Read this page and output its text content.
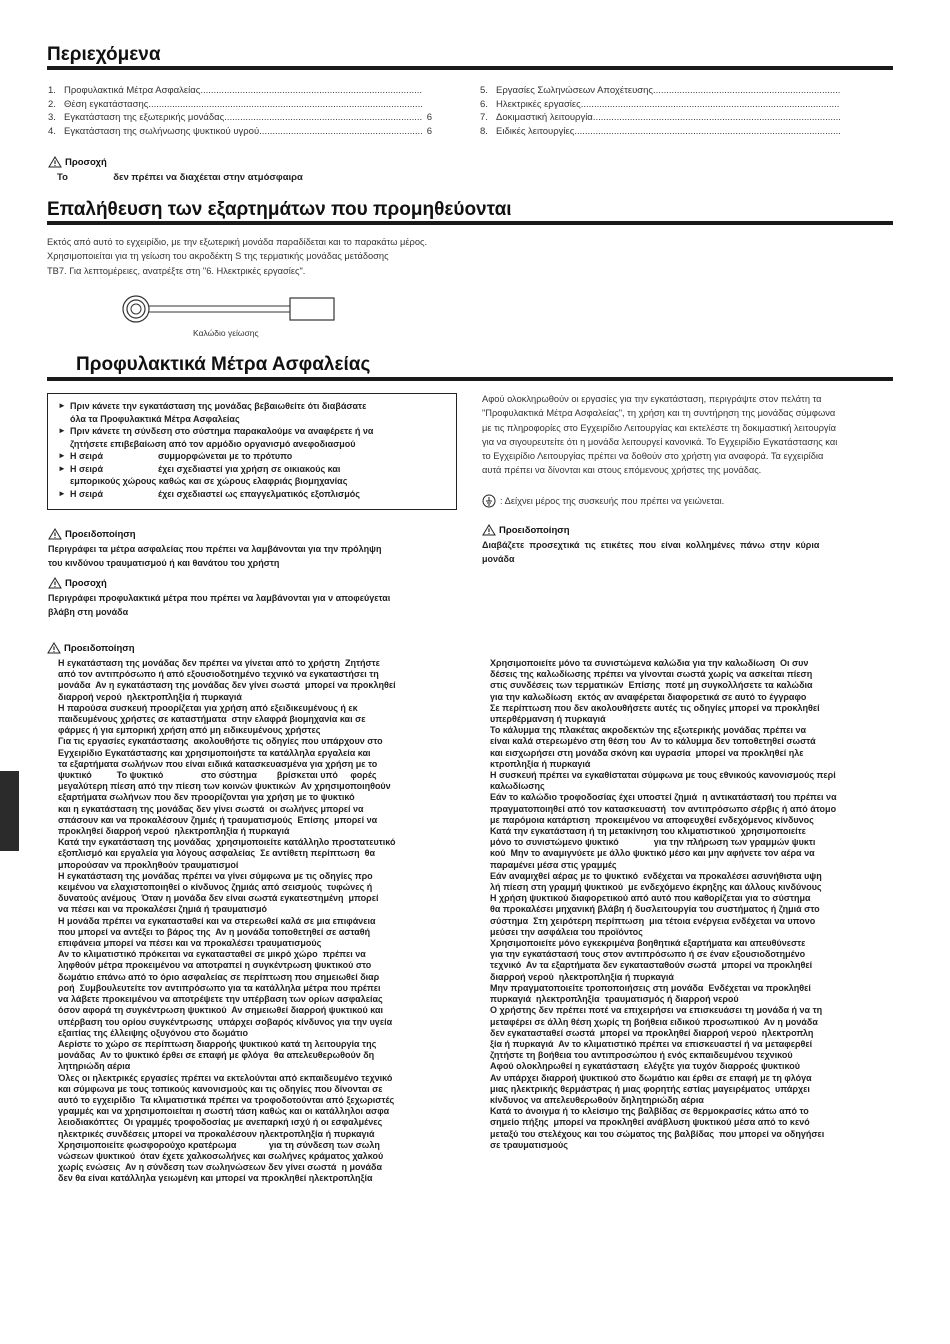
Περιεχόμενα
1. Προφυλακτικά Μέτρα Ασφαλείας
.....
2. Θέση εγκατάστασης
.....
3. Εγκατάσταση της εξωτερικής μονάδας .....	6
4. Εγκατάσταση της σωλήνωσης ψυκτικού υγρού .....	6
5. Εργασίες Σωληνώσεων Αποχέτευσης
.....
6. Ηλεκτρικές εργασίες
.....
7. Δοκιμαστική λειτουργία
.....
8. Ειδικές λειτουργίες
.....
Προσοχή
Το	δεν πρέπει να διαχέεται στην ατμόσφαιρα
Επαλήθευση των εξαρτημάτων που προμηθεύονται
Εκτός από αυτό το εγχειρίδιο, με την εξωτερική μονάδα παραδίδεται και το παρακάτω μέρος.
Χρησιμοποιείται για τη γείωση του ακροδέκτη S της τερματικής μονάδας μετάδοσης
TB7. Για λεπτομέρειες, ανατρέξτε στη "6. Ηλεκτρικές εργασίες".
Καλώδιο γείωσης
Προφυλακτικά Μέτρα Ασφαλείας
► Πριν κάνετε την εγκατάσταση της μονάδας βεβαιωθείτε ότι διαβάσατε
όλα τα Προφυλακτικά Μέτρα Ασφαλείας
► Πριν κάνετε τη σύνδεση στο σύστημα παρακαλούμε να αναφέρετε ή να
ζητήσετε επιβεβαίωση από τον αρμόδιο οργανισμό ανεφοδιασμού
► Η σειρά                      συμμορφώνεται με το πρότυπο
► Η σειρά                      έχει σχεδιαστεί για χρήση σε οικιακούς και
εμπορικούς χώρους καθώς και σε χώρους ελαφριάς βιομηχανίας
► Η σειρά                      έχει σχεδιαστεί ως επαγγελματικός εξοπλισμός
Αφού ολοκληρωθούν οι εργασίες για την εγκατάσταση, περιγράψτε στον πελάτη τα
"Προφυλακτικά Μέτρα Ασφαλείας", τη χρήση και τη συντήρηση της μονάδας σύμφωνα
με τις πληροφορίες στο Εγχειρίδιο Λειτουργίας και εκτελέστε τη δοκιμαστική λειτουργία
για να σιγουρευτείτε ότι η μονάδα λειτουργεί κανονικά. Το Εγχειρίδιο Εγκατάστασης και
το Εγχειρίδιο Λειτουργίας πρέπει να δοθούν στο χρήστη για αναφορά. Τα εγχειρίδια
αυτά πρέπει να δίνονται και στους επόμενους χρήστες της μονάδας.
: Δείχνει μέρος της συσκευής που πρέπει να γειώνεται.
Προειδοποίηση
Περιγράφει τα μέτρα ασφαλείας που πρέπει να λαμβάνονται για την πρόληψη
του κινδύνου τραυματισμού ή και θανάτου του χρήστη
Προσοχή
Περιγράφει προφυλακτικά μέτρα που πρέπει να λαμβάνονται για ν αποφεύγεται
βλάβη στη μονάδα
Προειδοποίηση
Διαβάζετε  προσεχτικά  τις  ετικέτες  που  είναι  κολλημένες  πάνω  στην  κύρια
μονάδα
Προειδοποίηση
Η εγκατάσταση της μονάδας δεν πρέπει να γίνεται από το χρήστη  Ζητήστε
από τον αντιπρόσωπο ή από εξουσιοδοτημένο τεχνικό να εγκαταστήσει τη
μονάδα  Αν η εγκατάσταση της μονάδας δεν γίνει σωστά  μπορεί να προκληθεί
διαρροή νερού  ηλεκτροπληξία ή πυρκαγιά
Η παρούσα συσκευή προορίζεται για χρήση από εξειδικευμένους ή εκ
παιδευμένους χρήστες σε καταστήματα  στην ελαφρά βιομηχανία και σε
φάρμες ή για εμπορική χρήση από μη ειδικευμένους χρήστες
Για τις εργασίες εγκατάστασης  ακολουθήστε τις οδηγίες που υπάρχουν στο
Εγχειρίδιο Εγκατάστασης και χρησιμοποιήστε τα κατάλληλα εργαλεία και
τα εξαρτήματα σωλήνων που είναι ειδικά κατασκευασμένα για χρήση με το
ψυκτικό          Το ψυκτικό               στο σύστημα        βρίσκεται υπό     φορές
μεγαλύτερη πίεση από την πίεση των κοινών ψυκτικών  Αν χρησιμοποιηθούν
εξαρτήματα σωλήνων που δεν προορίζονται για χρήση με το ψυκτικό
και η εγκατάσταση της μονάδας δεν γίνει σωστά  οι σωλήνες μπορεί να
σπάσουν και να προκαλέσουν ζημιές ή τραυματισμούς  Επίσης  μπορεί να
προκληθεί διαρροή νερού  ηλεκτροπληξία ή πυρκαγιά
Κατά την εγκατάσταση της μονάδας  χρησιμοποιείτε κατάλληλο προστατευτικό
εξοπλισμό και εργαλεία για λόγους ασφαλείας  Σε αντίθετη περίπτωση  θα
μπορούσαν να προκληθούν τραυματισμοί
Η εγκατάσταση της μονάδας πρέπει να γίνει σύμφωνα με τις οδηγίες προ
κειμένου να ελαχιστοποιηθεί ο κίνδυνος ζημιάς από σεισμούς  τυφώνες ή
δυνατούς ανέμους  Όταν η μονάδα δεν είναι σωστά εγκατεστημένη  μπορεί
να πέσει και να προκαλέσει ζημιά ή τραυματισμό
Η μονάδα πρέπει να εγκατασταθεί και να στερεωθεί καλά σε μια επιφάνεια
που μπορεί να αντέξει το βάρος της  Αν η μονάδα τοποθετηθεί σε ασταθή
επιφάνεια μπορεί να πέσει και να προκαλέσει τραυματισμούς
Αν το κλιματιστικό πρόκειται να εγκατασταθεί σε μικρό χώρο  πρέπει να
ληφθούν μέτρα προκειμένου να αποτραπεί η συγκέντρωση ψυκτικού στο
δωμάτιο επάνω από το όριο ασφαλείας σε περίπτωση που σημειωθεί διαρ
ροή  Συμβουλευτείτε τον αντιπρόσωπο για τα κατάλληλα μέτρα που πρέπει
να λάβετε προκειμένου να αποτρέψετε την υπέρβαση των ορίων ασφαλείας
όσον αφορά τη συγκέντρωση ψυκτικού  Αν σημειωθεί διαρροή ψυκτικού και
υπέρβαση του ορίου συγκέντρωσης  υπάρχει σοβαρός κίνδυνος για την υγεία
εξαιτίας της έλλειψης οξυγόνου στο δωμάτιο
Αερίστε το χώρο σε περίπτωση διαρροής ψυκτικού κατά τη λειτουργία της
μονάδας  Αν το ψυκτικό έρθει σε επαφή με φλόγα  θα απελευθερωθούν δη
λητηριώδη αέρια
Όλες οι ηλεκτρικές εργασίες πρέπει να εκτελούνται από εκπαιδευμένο τεχνικό
και σύμφωνα με τους τοπικούς κανονισμούς και τις οδηγίες που δίνονται σε
αυτό το εγχειρίδιο  Τα κλιματιστικά πρέπει να τροφοδοτούνται από ξεχωριστές
γραμμές και να χρησιμοποιείται η σωστή τάση καθώς και οι κατάλληλοι ασφα
λειοδιακόπτες  Οι γραμμές τροφοδοσίας με ανεπαρκή ισχύ ή οι εσφαλμένες
ηλεκτρικές συνδέσεις μπορεί να προκαλέσουν ηλεκτροπληξία ή πυρκαγιά
Χρησιμοποιείτε φωσφορούχο κρατέρωμα             για τη σύνδεση των σωλη
νώσεων ψυκτικού  όταν έχετε χαλκοσωλήνες και σωλήνες κράματος χαλκού
χωρίς ενώσεις  Αν η σύνδεση των σωληνώσεων δεν γίνει σωστά  η μονάδα
δεν θα είναι κατάλληλα γειωμένη και μπορεί να προκληθεί ηλεκτροπληξία
Χρησιμοποιείτε μόνο τα συνιστώμενα καλώδια για την καλωδίωση  Οι συν
δέσεις της καλωδίωσης πρέπει να γίνονται σωστά χωρίς να ασκείται πίεση
στις συνδέσεις των τερματικών  Επίσης  ποτέ μη συγκολλήσετε τα καλώδια
για την καλωδίωση  εκτός αν αναφέρεται διαφορετικά σε αυτό το έγγραφο
Σε περίπτωση που δεν ακολουθήσετε αυτές τις οδηγίες μπορεί να προκληθεί
υπερθέρμανση ή πυρκαγιά
Το κάλυμμα της πλακέτας ακροδεκτών της εξωτερικής μονάδας πρέπει να
είναι καλά στερεωμένο στη θέση του  Αν το κάλυμμα δεν τοποθετηθεί σωστά
και εισχωρήσει στη μονάδα σκόνη και υγρασία  μπορεί να προκληθεί ηλε
κτροπληξία ή πυρκαγιά
Η συσκευή πρέπει να εγκαθίσταται σύμφωνα με τους εθνικούς κανονισμούς περί
καλωδίωσης
Εάν το καλώδιο τροφοδοσίας έχει υποστεί ζημιά  η αντικατάστασή του πρέπει να
πραγματοποιηθεί από τον κατασκευαστή  τον αντιπρόσωπο σέρβις ή από άτομο
με παρόμοια κατάρτιση  προκειμένου να αποφευχθεί ενδεχόμενος κίνδυνος
Κατά την εγκατάσταση ή τη μετακίνηση του κλιματιστικού  χρησιμοποιείτε
μόνο το συνιστώμενο ψυκτικό              για την πλήρωση των γραμμών ψυκτι
κού  Μην το αναμιγνύετε με άλλο ψυκτικό μέσο και μην αφήνετε τον αέρα να
παραμένει μέσα στις γραμμές
Εάν αναμιχθεί αέρας με το ψυκτικό  ενδέχεται να προκαλέσει ασυνήθιστα υψη
λή πίεση στη γραμμή ψυκτικού  με ενδεχόμενο έκρηξης και άλλους κινδύνους
Η χρήση ψυκτικού διαφορετικού από αυτό που καθορίζεται για το σύστημα
θα προκαλέσει μηχανική βλάβη ή δυσλειτουργία του συστήματος ή ζημιά στο
σύστημα  Στη χειρότερη περίπτωση  μια τέτοια ενέργεια ενδέχεται να υπονο
μεύσει την ασφάλεια του προϊόντος
Χρησιμοποιείτε μόνο εγκεκριμένα βοηθητικά εξαρτήματα και απευθύνεστε
για την εγκατάστασή τους στον αντιπρόσωπο ή σε έναν εξουσιοδοτημένο
τεχνικό  Αν τα εξαρτήματα δεν εγκατασταθούν σωστά  μπορεί να προκληθεί
διαρροή νερού  ηλεκτροπληξία ή πυρκαγιά
Μην πραγματοποιείτε τροποποιήσεις στη μονάδα  Ενδέχεται να προκληθεί
πυρκαγιά  ηλεκτροπληξία  τραυματισμός ή διαρροή νερού
Ο χρήστης δεν πρέπει ποτέ να επιχειρήσει να επισκευάσει τη μονάδα ή να τη
μεταφέρει σε άλλη θέση χωρίς τη βοήθεια ειδικού προσωπικού  Αν η μονάδα
δεν εγκατασταθεί σωστά  μπορεί να προκληθεί διαρροή νερού  ηλεκτροπλη
ξία ή πυρκαγιά  Αν το κλιματιστικό πρέπει να επισκευαστεί ή να μεταφερθεί
ζητήστε τη βοήθεια του αντιπροσώπου ή ενός εκπαιδευμένου τεχνικού
Αφού ολοκληρωθεί η εγκατάσταση  ελέγξτε για τυχόν διαρροές ψυκτικού
Αν υπάρχει διαρροή ψυκτικού στο δωμάτιο και έρθει σε επαφή με τη φλόγα
μιας ηλεκτρικής θερμάστρας ή μιας φορητής εστίας μαγειρέματος  υπάρχει
κίνδυνος να απελευθερωθούν δηλητηριώδη αέρια
Κατά το άνοιγμα ή το κλείσιμο της βαλβίδας σε θερμοκρασίες κάτω από το
σημείο πήξης  μπορεί να προκληθεί ανάβλυση ψυκτικού μέσα από το κενό
μεταξύ του στελέχους και του σώματος της βαλβίδας  που μπορεί να οδηγήσει
σε τραυματισμούς
